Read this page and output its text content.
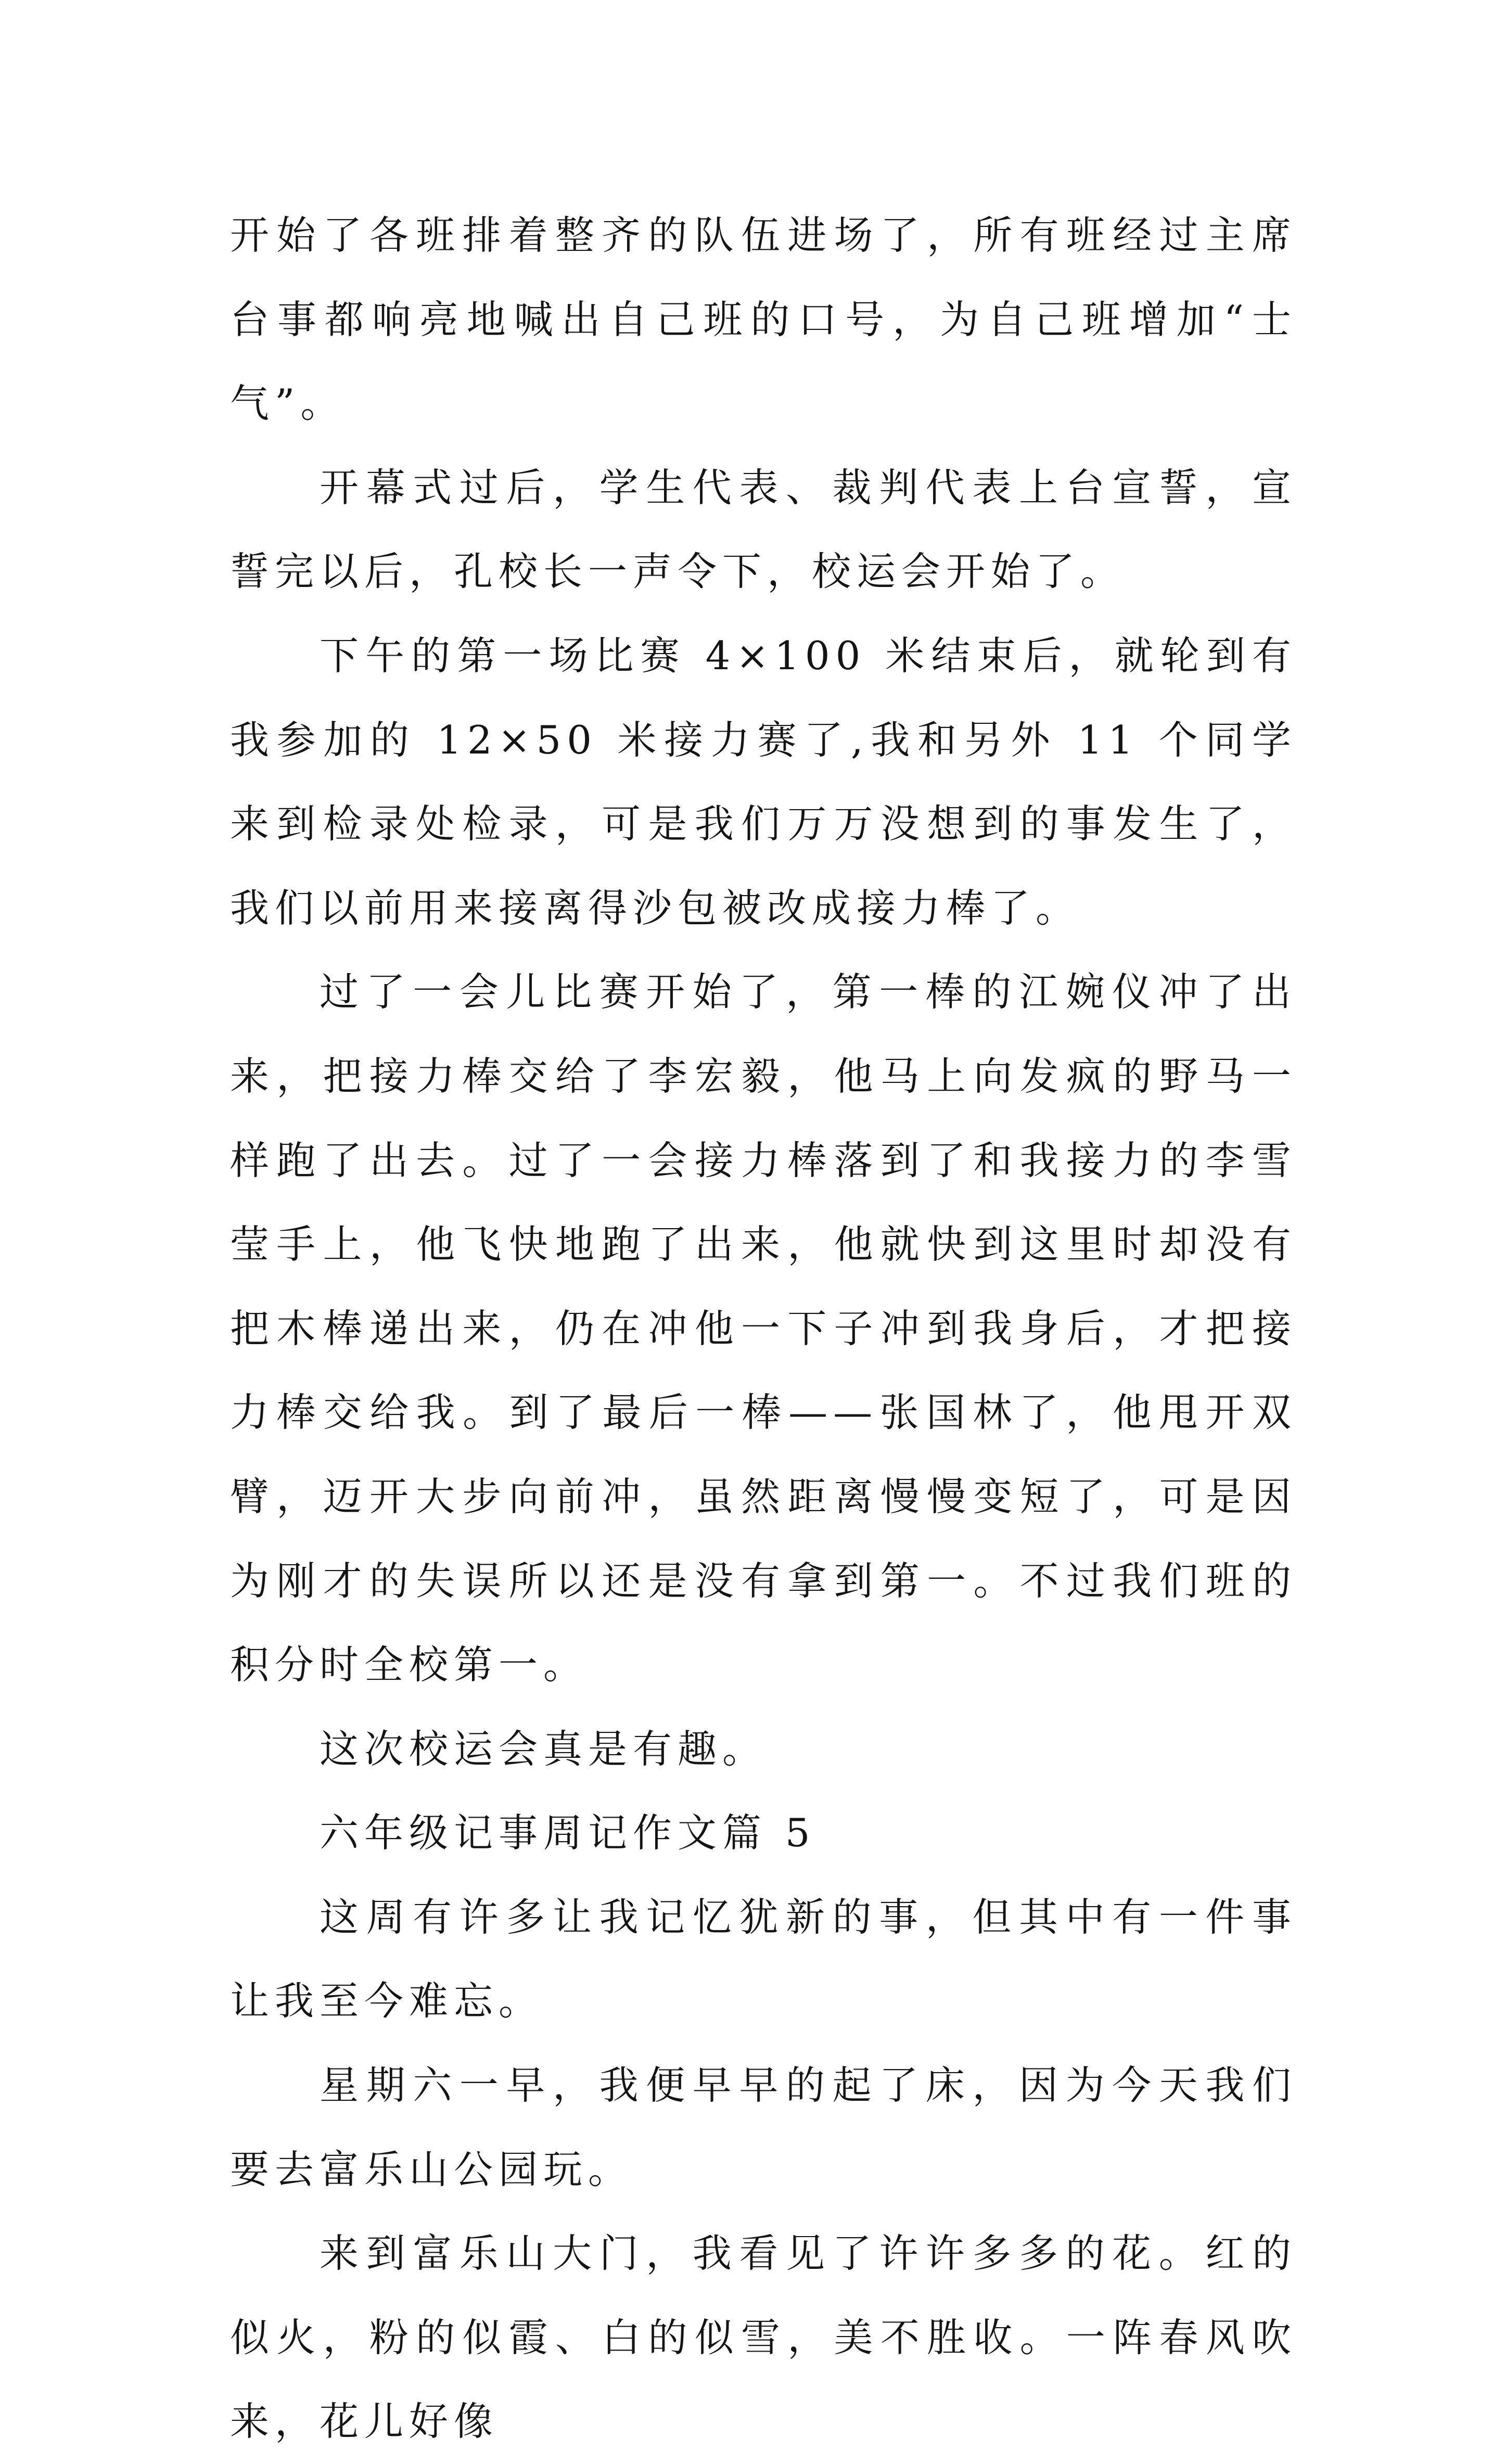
开始了各班排着整齐的队伍进场了，所有班经过主席台事都响亮地喊出自己班的口号，为自己班增加“士气”。

开幕式过后，学生代表、裁判代表上台宣誓，宣誓完以后，孔校长一声令下，校运会开始了。

下午的第一场比赛 4×100 米结束后，就轮到有我参加的 12×50 米接力赛了,我和另外 11 个同学来到检录处检录，可是我们万万没想到的事发生了，我们以前用来接离得沙包被改成接力棒了。

过了一会儿比赛开始了，第一棒的江婉仪冲了出来，把接力棒交给了李宏毅，他马上向发疯的野马一样跑了出去。过了一会接力棒落到了和我接力的李雪莹手上，他飞快地跑了出来，他就快到这里时却没有把木棒递出来，仍在冲他一下子冲到我身后，才把接力棒交给我。到了最后一棒——张国林了，他甩开双臂，迈开大步向前冲，虽然距离慢慢变短了，可是因为刚才的失误所以还是没有拿到第一。不过我们班的积分时全校第一。

这次校运会真是有趣。

六年级记事周记作文篇 5

这周有许多让我记忆犹新的事，但其中有一件事让我至今难忘。

星期六一早，我便早早的起了床，因为今天我们要去富乐山公园玩。

来到富乐山大门，我看见了许许多多的花。红的似火，粉的似霞、白的似雪，美不胜收。一阵春风吹来，花儿好像
